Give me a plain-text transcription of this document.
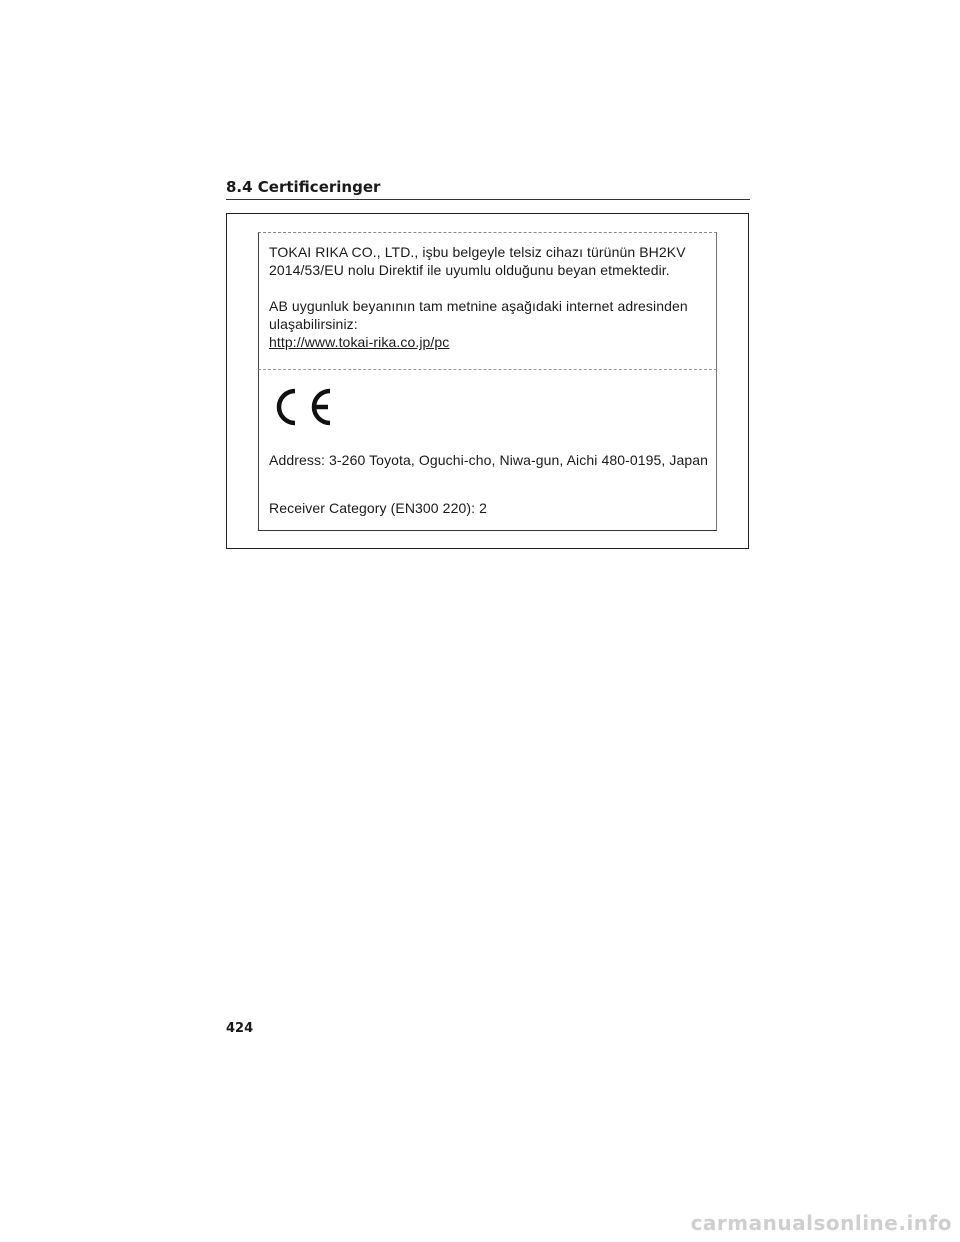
8.4 Certificeringer
TOKAI RIKA CO., LTD., işbu belgeyle telsiz cihazı türünün BH2KV
2014/53/EU nolu Direktif ile uyumlu olduğunu beyan etmektedir.
AB uygunluk beyanının tam metnine aşağıdaki internet adresinden
ulaşabilirsiniz:
http://www.tokai-rika.co.jp/pc
Address: 3-260 Toyota, Oguchi-cho, Niwa-gun, Aichi 480-0195, Japan
Receiver Category (EN300 220): 2
424
carmanualsonline.info
